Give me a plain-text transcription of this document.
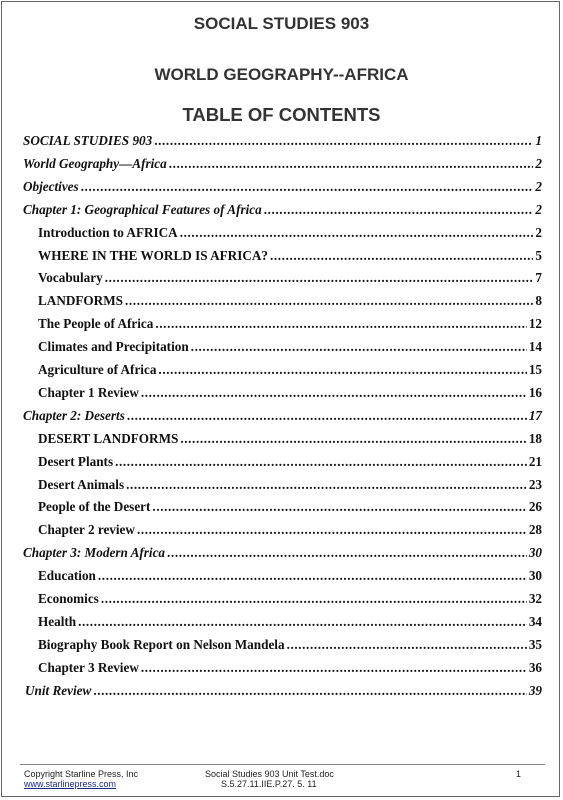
SOCIAL STUDIES 903
WORLD GEOGRAPHY--AFRICA
TABLE OF CONTENTS
SOCIAL STUDIES 903 .....	1
World Geography—Africa .....	2
Objectives .....	2
Chapter 1: Geographical Features of Africa .....	2
Introduction to AFRICA .....	2
WHERE IN THE WORLD IS AFRICA? .....	5
Vocabulary .....	7
LANDFORMS .....	8
The People of Africa .....	12
Climates and Precipitation .....	14
Agriculture of Africa .....	15
Chapter 1 Review .....	16
Chapter 2: Deserts .....	17
DESERT LANDFORMS .....	18
Desert Plants .....	21
Desert Animals .....	23
People of the Desert .....	26
Chapter 2 review .....	28
Chapter 3: Modern Africa .....	30
Education .....	30
Economics .....	32
Health .....	34
Biography Book Report on Nelson Mandela .....	35
Chapter 3 Review .....	36
Unit Review .....	39
Copyright Starline Press, Inc
www.starlinepress.com
Social Studies 903 Unit Test.doc
S.5.27.11.IIE.P.27. 5. 11
1
